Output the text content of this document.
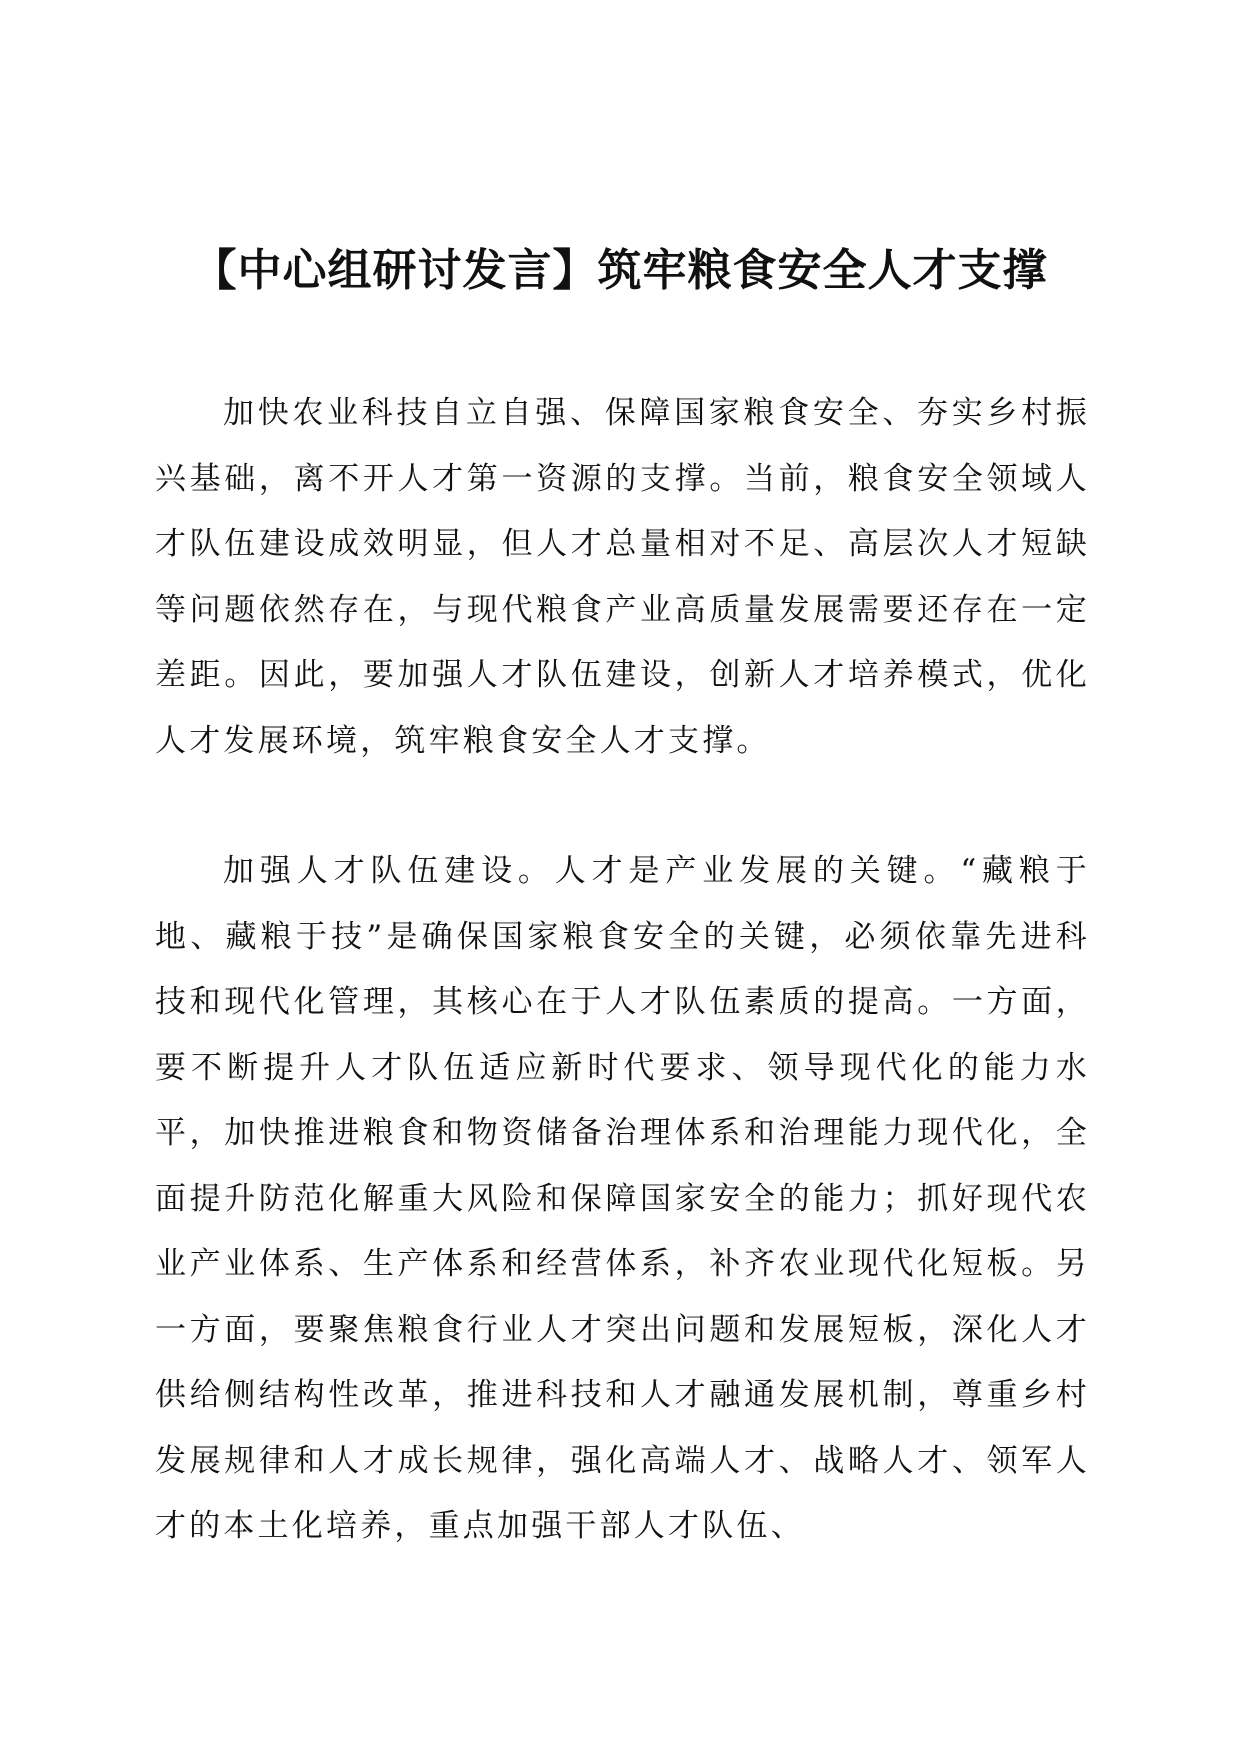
【中心组研讨发言】筑牢粮食安全人才支撑

加快农业科技自立自强、保障国家粮食安全、夯实乡村振兴基础，离不开人才第一资源的支撑。当前，粮食安全领域人才队伍建设成效明显，但人才总量相对不足、高层次人才短缺等问题依然存在，与现代粮食产业高质量发展需要还存在一定差距。因此，要加强人才队伍建设，创新人才培养模式，优化人才发展环境，筑牢粮食安全人才支撑。

加强人才队伍建设。人才是产业发展的关键。“藏粮于地、藏粮于技”是确保国家粮食安全的关键，必须依靠先进科技和现代化管理，其核心在于人才队伍素质的提高。一方面，要不断提升人才队伍适应新时代要求、领导现代化的能力水平，加快推进粮食和物资储备治理体系和治理能力现代化，全面提升防范化解重大风险和保障国家安全的能力；抓好现代农业产业体系、生产体系和经营体系，补齐农业现代化短板。另一方面，要聚焦粮食行业人才突出问题和发展短板，深化人才供给侧结构性改革，推进科技和人才融通发展机制，尊重乡村发展规律和人才成长规律，强化高端人才、战略人才、领军人才的本土化培养，重点加强干部人才队伍、
